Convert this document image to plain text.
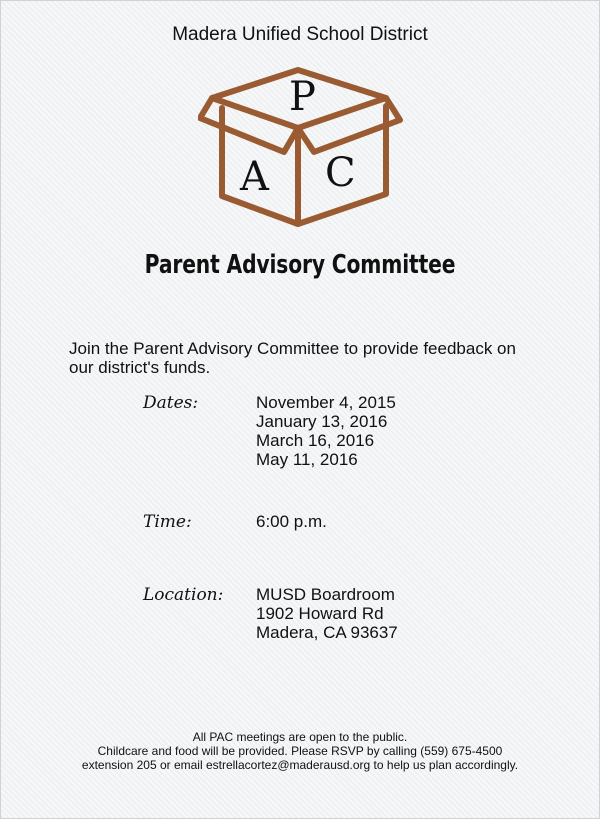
Madera Unified School District
P
A C
Parent Advisory Committee
Join the Parent Advisory Committee to provide feedback on our district's funds.
Dates:	November 4, 2015
January 13, 2016
March 16, 2016
May 11, 2016
Time:	6:00 p.m.
Location: MUSD Boardroom
1902 Howard Rd
Madera, CA 93637
All PAC meetings are open to the public.
Childcare and food will be provided. Please RSVP by calling (559) 675-4500
extension 205 or email estrellacortez@maderausd.org to help us plan accordingly.
